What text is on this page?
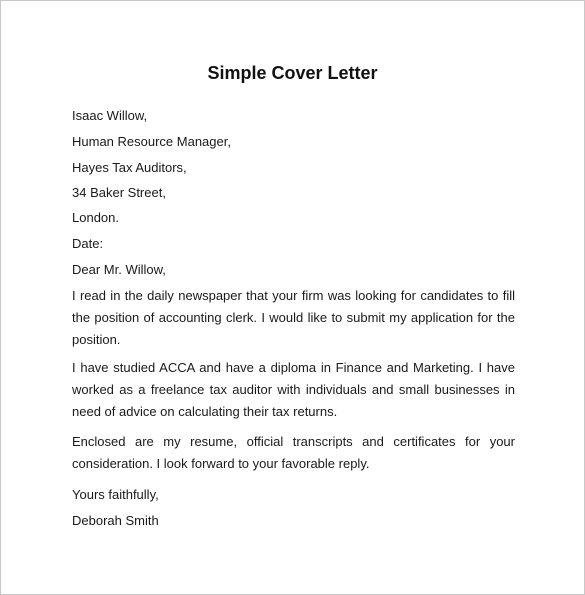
Simple Cover Letter
Isaac Willow,
Human Resource Manager,
Hayes Tax Auditors,
34 Baker Street,
London.
Date:
Dear Mr. Willow,
I read in the daily newspaper that your firm was looking for candidates to fill the position of accounting clerk. I would like to submit my application for the position.
I have studied ACCA and have a diploma in Finance and Marketing. I have worked as a freelance tax auditor with individuals and small businesses in need of advice on calculating their tax returns.
Enclosed are my resume, official transcripts and certificates for your consideration. I look forward to your favorable reply.
Yours faithfully,
Deborah Smith
